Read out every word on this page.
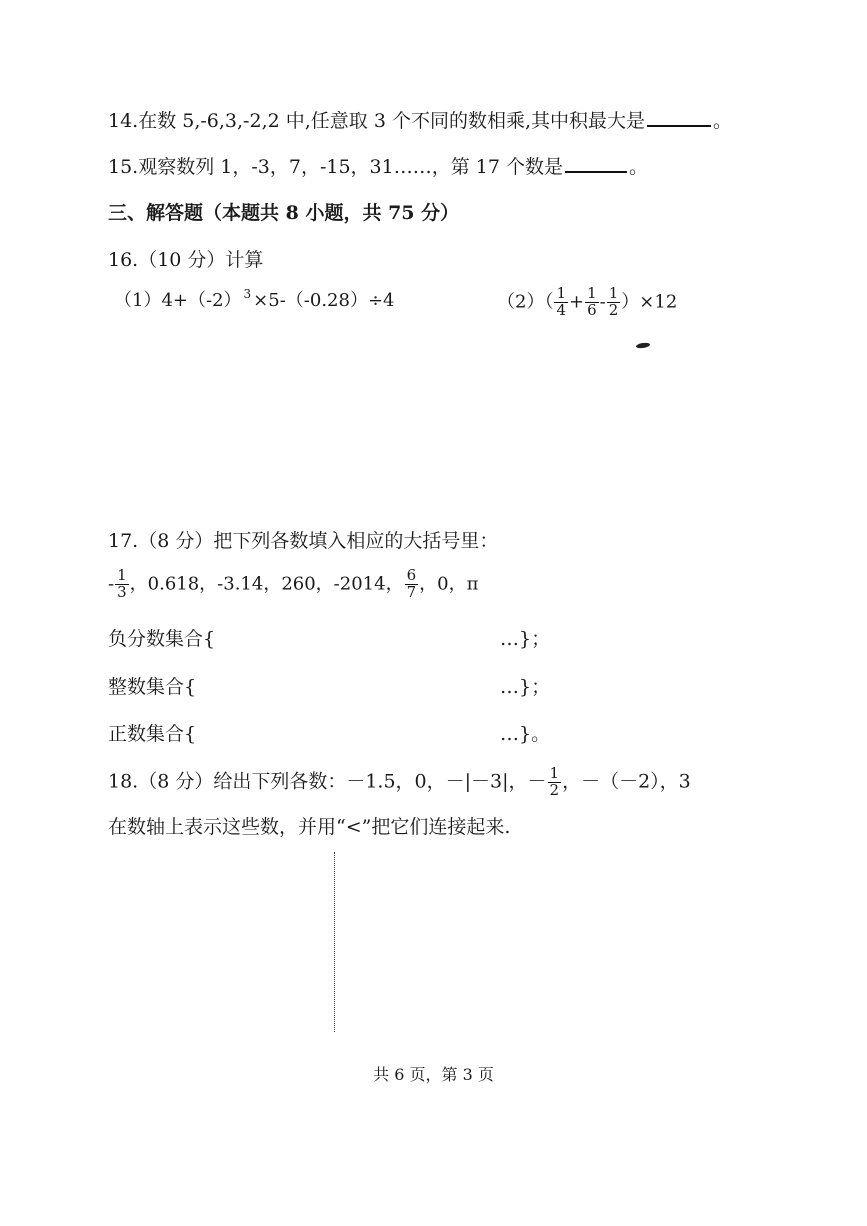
14.在数 5,-6,3,-2,2 中,任意取 3 个不同的数相乘,其中积最大是	。
15.观察数列 1，-3，7，-15，31……，第 17 个数是	。
三、解答题（本题共 8 小题，共 75 分）
16.（10 分）计算
（1）4+（-2） $^3$ ×5-（-0.28）÷4	$(2)( \frac{1}{4} + \frac{1}{6} - \frac{1}{2} )\times 12$
17.（8 分）把下列各数填入相应的大括号里：
- $\frac{1}{3}$ ，0.618，-3.14，260，-2014， $\frac{6}{7}$ ，0，π
负分数集合{	…}；
整数集合{	…}；
正数集合{	…}。
18.（8 分）给出下列各数：－1.5，0，－|－3|，－ $\frac{1}{2}$ ，－（－2），3
在数轴上表示这些数，并用“<”把它们连接起来.
共 6 页，第 3 页
